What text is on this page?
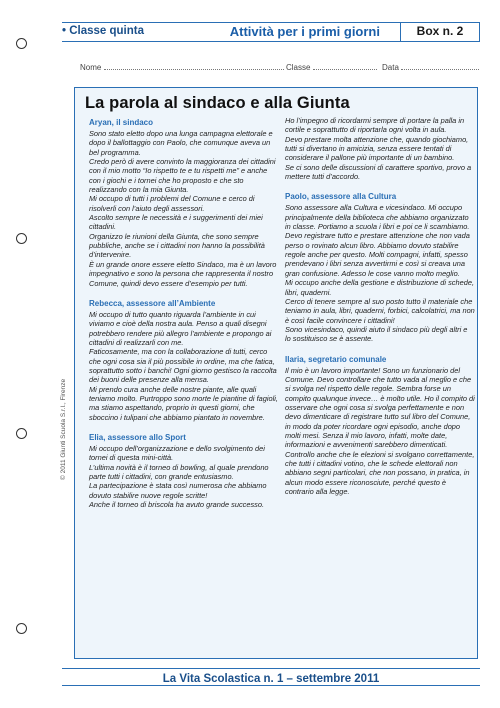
• Classe quinta	Attività per i primi giorni	Box n. 2
Nome	Classe	Data
La parola al sindaco e alla Giunta
Aryan, il sindaco

Sono stato eletto dopo una lunga campagna elettorale e dopo il ballottaggio con Paolo, che comunque aveva un bel programma.
Credo però di avere convinto la maggioranza dei cittadini con il mio motto “Io rispetto te e tu rispetti me” e anche con i giochi e i tornei che ho proposto e che sto realizzando con la mia Giunta.
Mi occupo di tutti i problemi del Comune e cerco di risolverli con l’aiuto degli assessori.
Ascolto sempre le necessità e i suggerimenti dei miei cittadini.
Organizzo le riunioni della Giunta, che sono sempre pubbliche, anche se i cittadini non hanno la possibilità d’intervenire.
È un grande onore essere eletto Sindaco, ma è un lavoro impegnativo e sono la persona che rappresenta il nostro Comune, quindi devo essere d’esempio per tutti.

Rebecca, assessore all’Ambiente

Mi occupo di tutto quanto riguarda l’ambiente in cui viviamo e cioè della nostra aula. Penso a quali disegni potrebbero rendere più allegro l’ambiente e propongo ai cittadini di realizzarli con me.
Faticosamente, ma con la collaborazione di tutti, cerco che ogni cosa sia il più possibile in ordine, ma che fatica, soprattutto sotto i banchi! Ogni giorno gestisco la raccolta dei buoni delle presenze alla mensa.
Mi prendo cura anche delle nostre piante, alle quali teniamo molto. Purtroppo sono morte le piantine di fagioli, ma stiamo aspettando, proprio in questi giorni, che sboccino i tulipani che abbiamo piantato in novembre.

Elia, assessore allo Sport

Mi occupo dell’organizzazione e dello svolgimento dei tornei di questa mini-città.
L’ultima novità è il torneo di bowling, al quale prendono parte tutti i cittadini, con grande entusiasmo.
La partecipazione è stata così numerosa che abbiamo dovuto stabilire nuove regole scritte!
Anche il torneo di briscola ha avuto grande successo.

Ho l’impegno di ricordarmi sempre di portare la palla in cortile e soprattutto di riportarla ogni volta in aula.
Devo prestare molta attenzione che, quando giochiamo, tutti si divertano in amicizia, senza essere tentati di considerare il pallone più importante di un bambino.
Se ci sono delle discussioni di carattere sportivo, provo a mettere tutti d’accordo.

Paolo, assessore alla Cultura

Sono assessore alla Cultura e vicesindaco. Mi occupo principalmente della biblioteca che abbiamo organizzato in classe. Portiamo a scuola i libri e poi ce li scambiamo. Devo registrare tutto e prestare attenzione che non vada perso o rovinato alcun libro. Abbiamo dovuto stabilire regole anche per questo. Molti compagni, infatti, spesso prendevano i libri senza avvertirmi e così si creava una gran confusione. Adesso le cose vanno molto meglio.
Mi occupo anche della gestione e distribuzione di schede, libri, quaderni.
Cerco di tenere sempre al suo posto tutto il materiale che teniamo in aula, libri, quaderni, forbici, calcolatrici, ma non è così facile convincere i cittadini!
Sono vicesindaco, quindi aiuto il sindaco più degli altri e lo sostituisco se è assente.

Ilaria, segretario comunale

Il mio è un lavoro importante! Sono un funzionario del Comune. Devo controllare che tutto vada al meglio e che si svolga nel rispetto delle regole. Sembra forse un compito qualunque invece… è molto utile. Ho il compito di osservare che ogni cosa si svolga perfettamente e non devo dimenticare di registrare tutto sul libro del Comune, in modo da poter ricordare ogni episodio, anche dopo molti mesi. Senza il mio lavoro, infatti, molte date, informazioni e avvenimenti sarebbero dimenticati. Controllo anche che le elezioni si svolgano correttamente, che tutti i cittadini votino, che le schede elettorali non abbiano segni particolari, che non possano, in pratica, in alcun modo essere riconosciute, perché questo è contrario alla legge.

© 2011 Giunti Scuola S.r.l., Firenze
La Vita Scolastica n. 1 – settembre 2011
